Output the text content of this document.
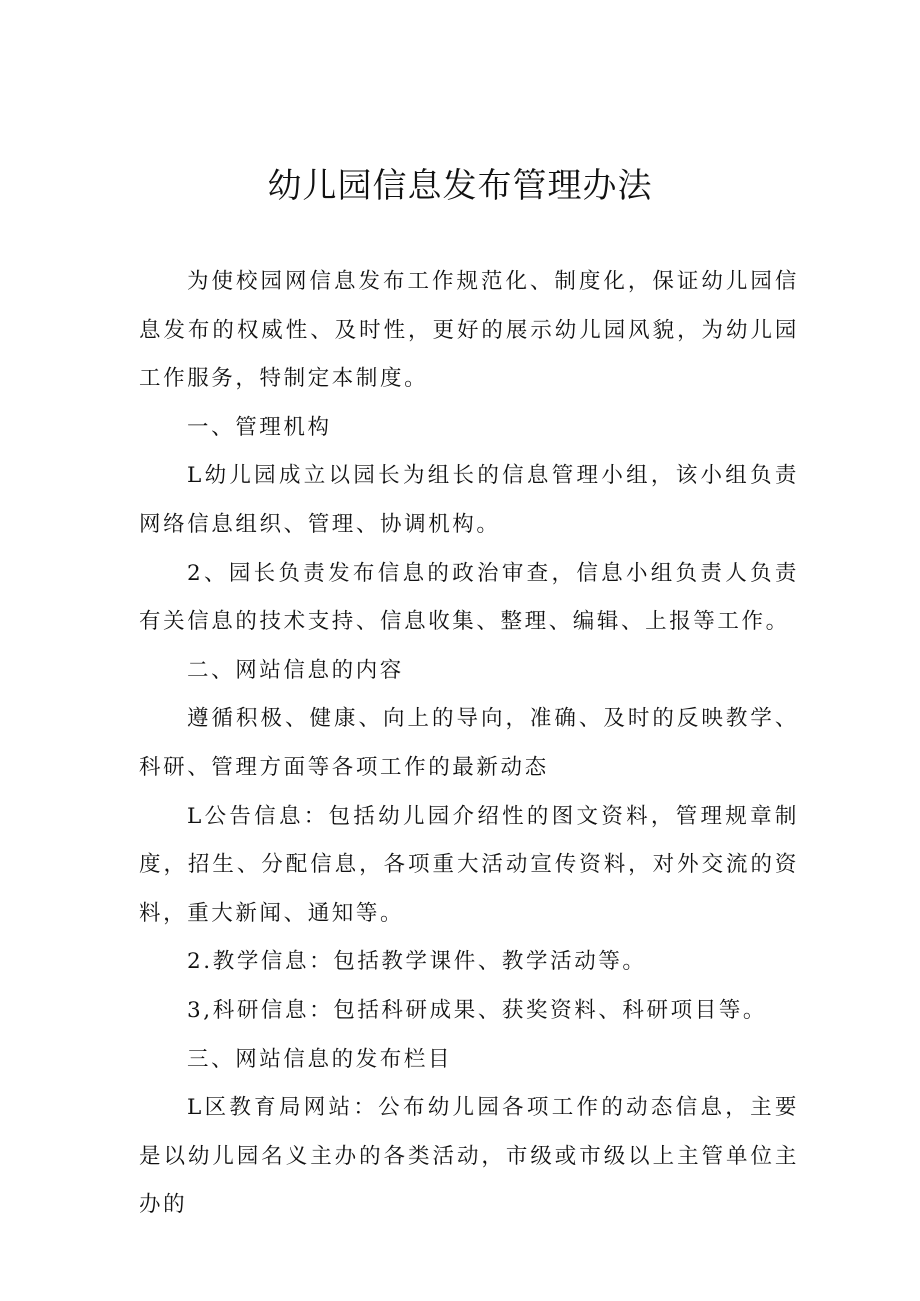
幼儿园信息发布管理办法

为使校园网信息发布工作规范化、制度化，保证幼儿园信息发布的权威性、及时性，更好的展示幼儿园风貌，为幼儿园工作服务，特制定本制度。

一、管理机构

L幼儿园成立以园长为组长的信息管理小组，该小组负责网络信息组织、管理、协调机构。

2、园长负责发布信息的政治审查，信息小组负责人负责有关信息的技术支持、信息收集、整理、编辑、上报等工作。

二、网站信息的内容

遵循积极、健康、向上的导向，准确、及时的反映教学、科研、管理方面等各项工作的最新动态

L公告信息：包括幼儿园介绍性的图文资料，管理规章制度，招生、分配信息，各项重大活动宣传资料，对外交流的资料，重大新闻、通知等。

2.教学信息：包括教学课件、教学活动等。

3,科研信息：包括科研成果、获奖资料、科研项目等。

三、网站信息的发布栏目

L区教育局网站：公布幼儿园各项工作的动态信息，主要是以幼儿园名义主办的各类活动，市级或市级以上主管单位主办的
